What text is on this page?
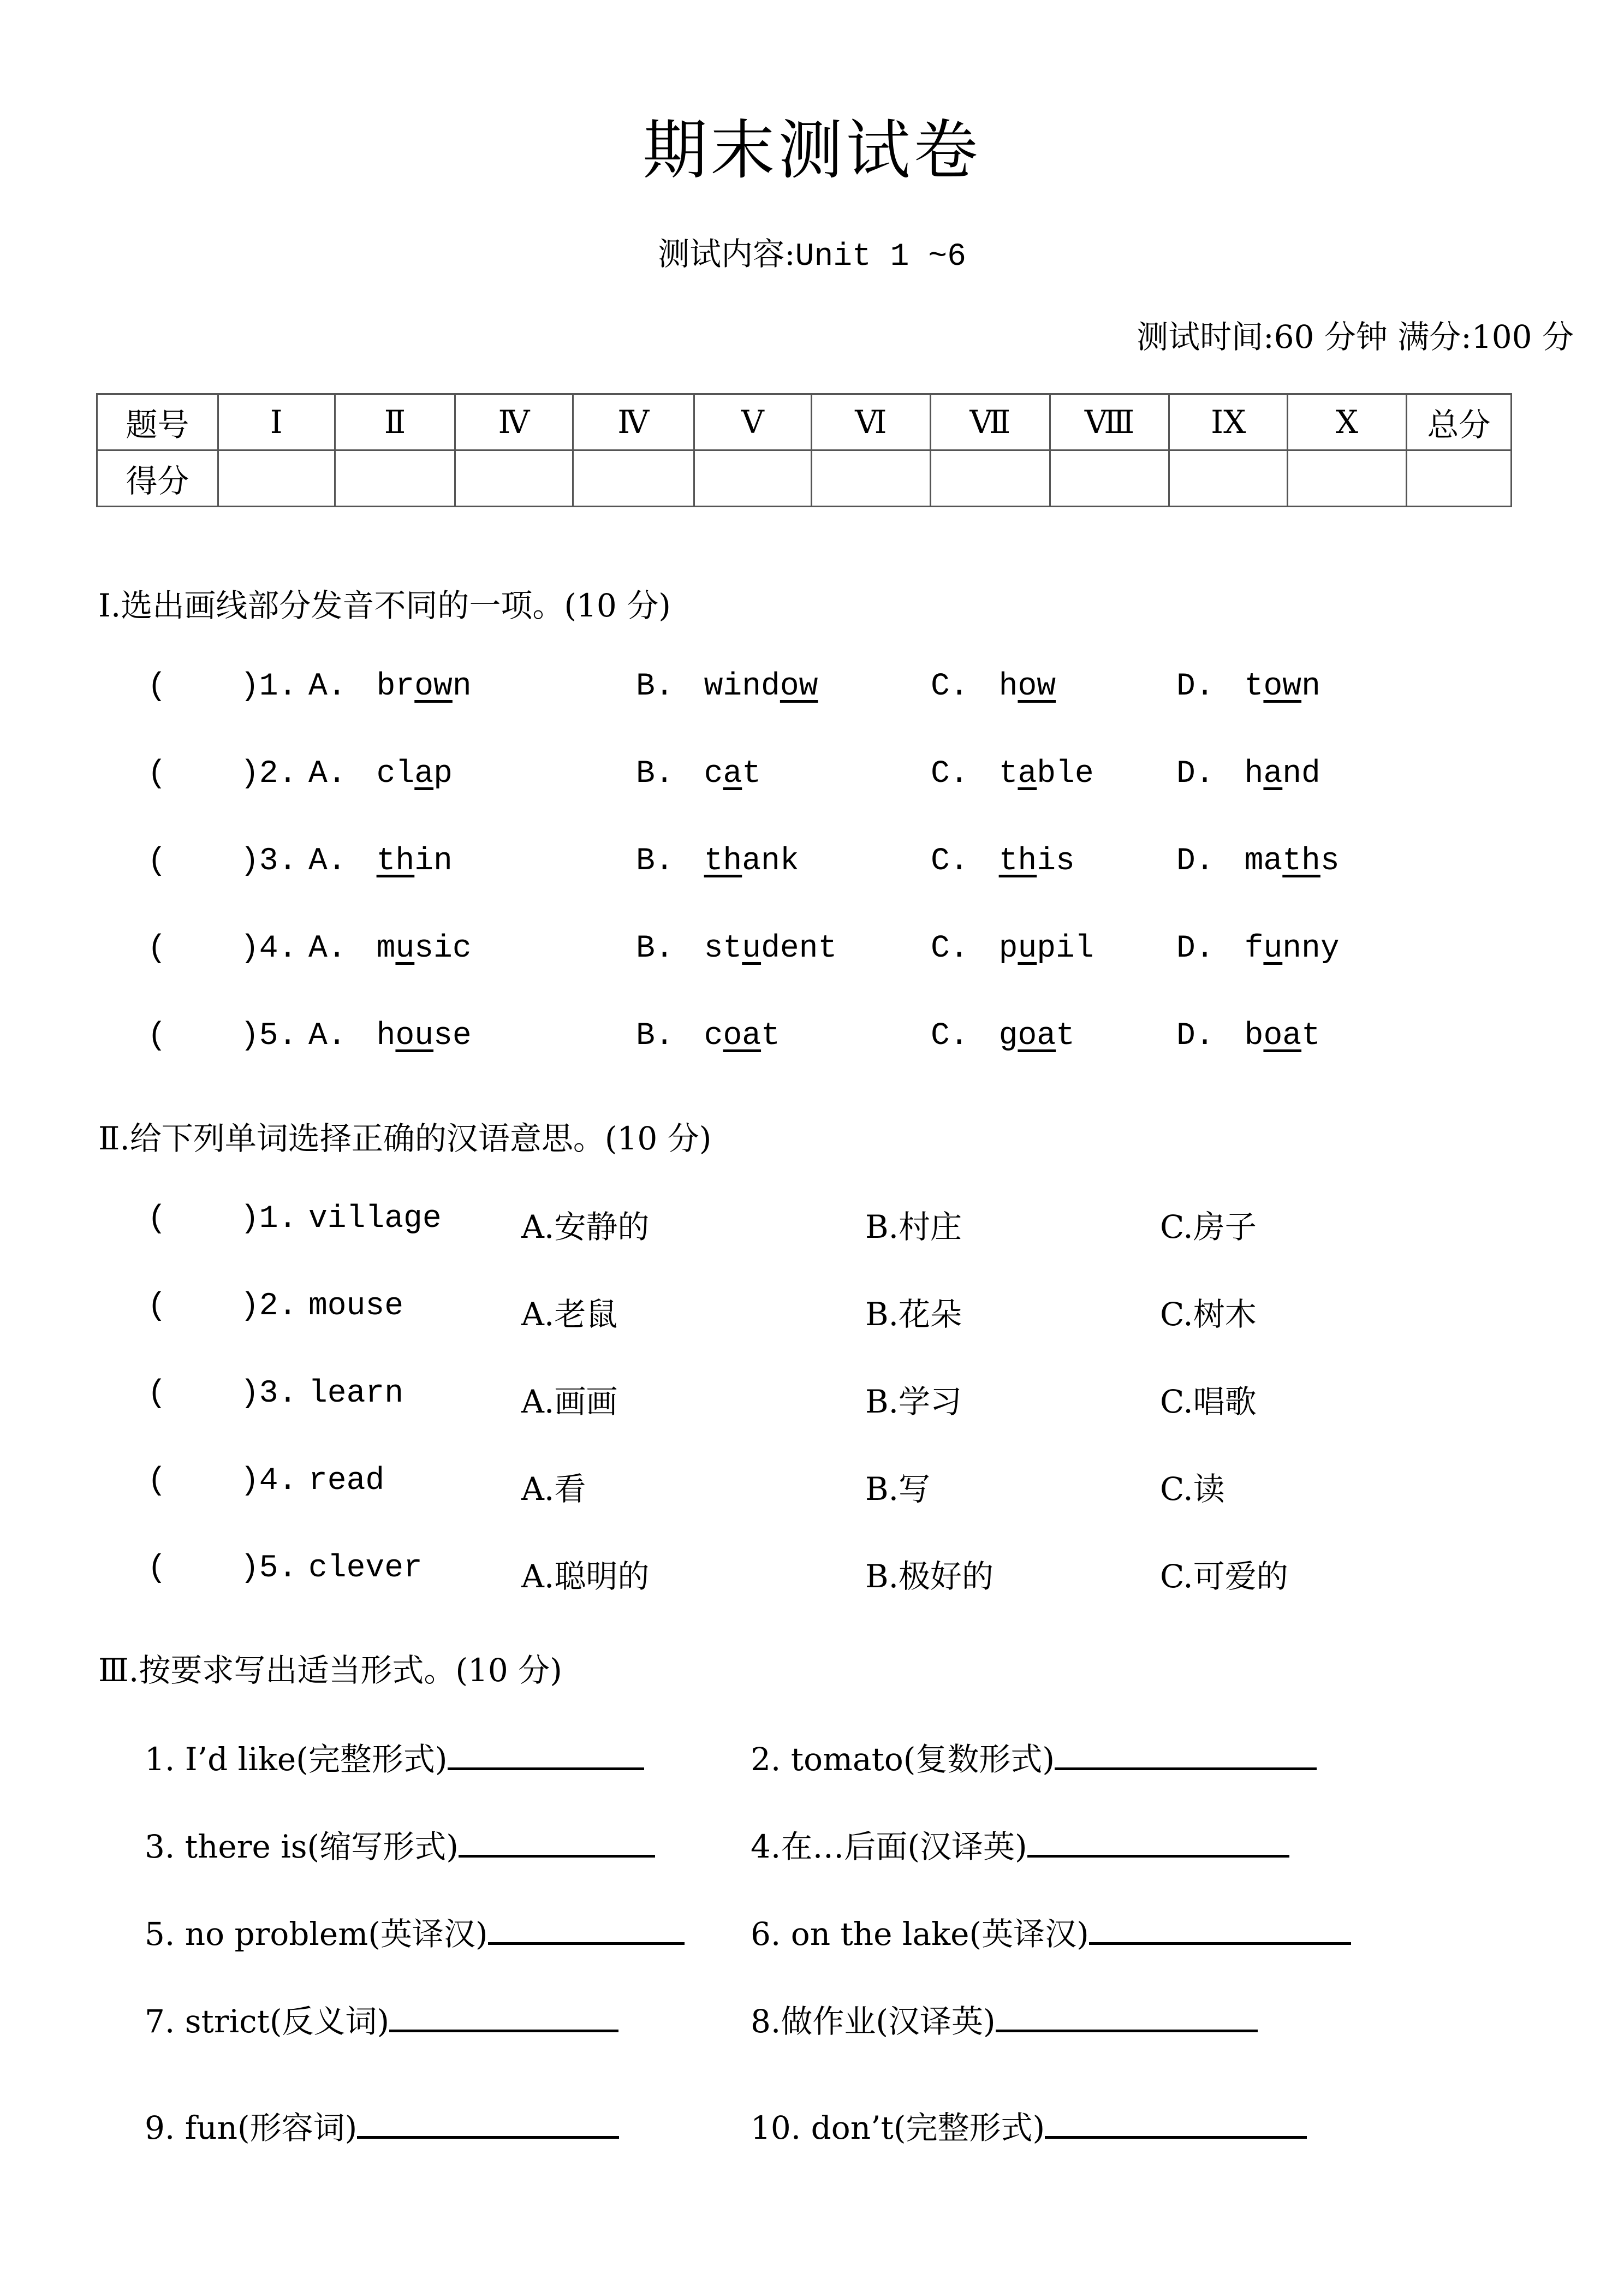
期末测试卷
测试内容:Unit 1 ~6
测试时间:60 分钟 满分:100 分
题号	Ⅰ	Ⅱ	Ⅳ	Ⅳ	Ⅴ	Ⅵ	Ⅶ	Ⅷ	ⅠX	X	总分
得分											
Ⅰ.选出画线部分发音不同的一项。(10 分)
( )1. A. brown	B. window	C. how	D. town
( )2. A. clap	B. cat	C. table	D. hand
( )3. A. thin	B. thank	C. this	D. maths
( )4. A. music	B. student	C. pupil	D. funny
( )5. A. house	B. coat	C. goat	D. boat
Ⅱ.给下列单词选择正确的汉语意思。(10 分)
( )1. village	A.安静的	B.村庄	C.房子
( )2. mouse	A.老鼠	B.花朵	C.树木
( )3. learn	A.画画	B.学习	C.唱歌
( )4. read	A.看	B.写	C.读
( )5. clever	A.聪明的	B.极好的	C.可爱的
Ⅲ.按要求写出适当形式。(10 分)
1. I’d like(完整形式)	2. tomato(复数形式)
3. there is(缩写形式)	4.在…后面(汉译英)
5. no problem(英译汉)	6. on the lake(英译汉)
7. strict(反义词)	8.做作业(汉译英)
9. fun(形容词)	10. don’t(完整形式)
